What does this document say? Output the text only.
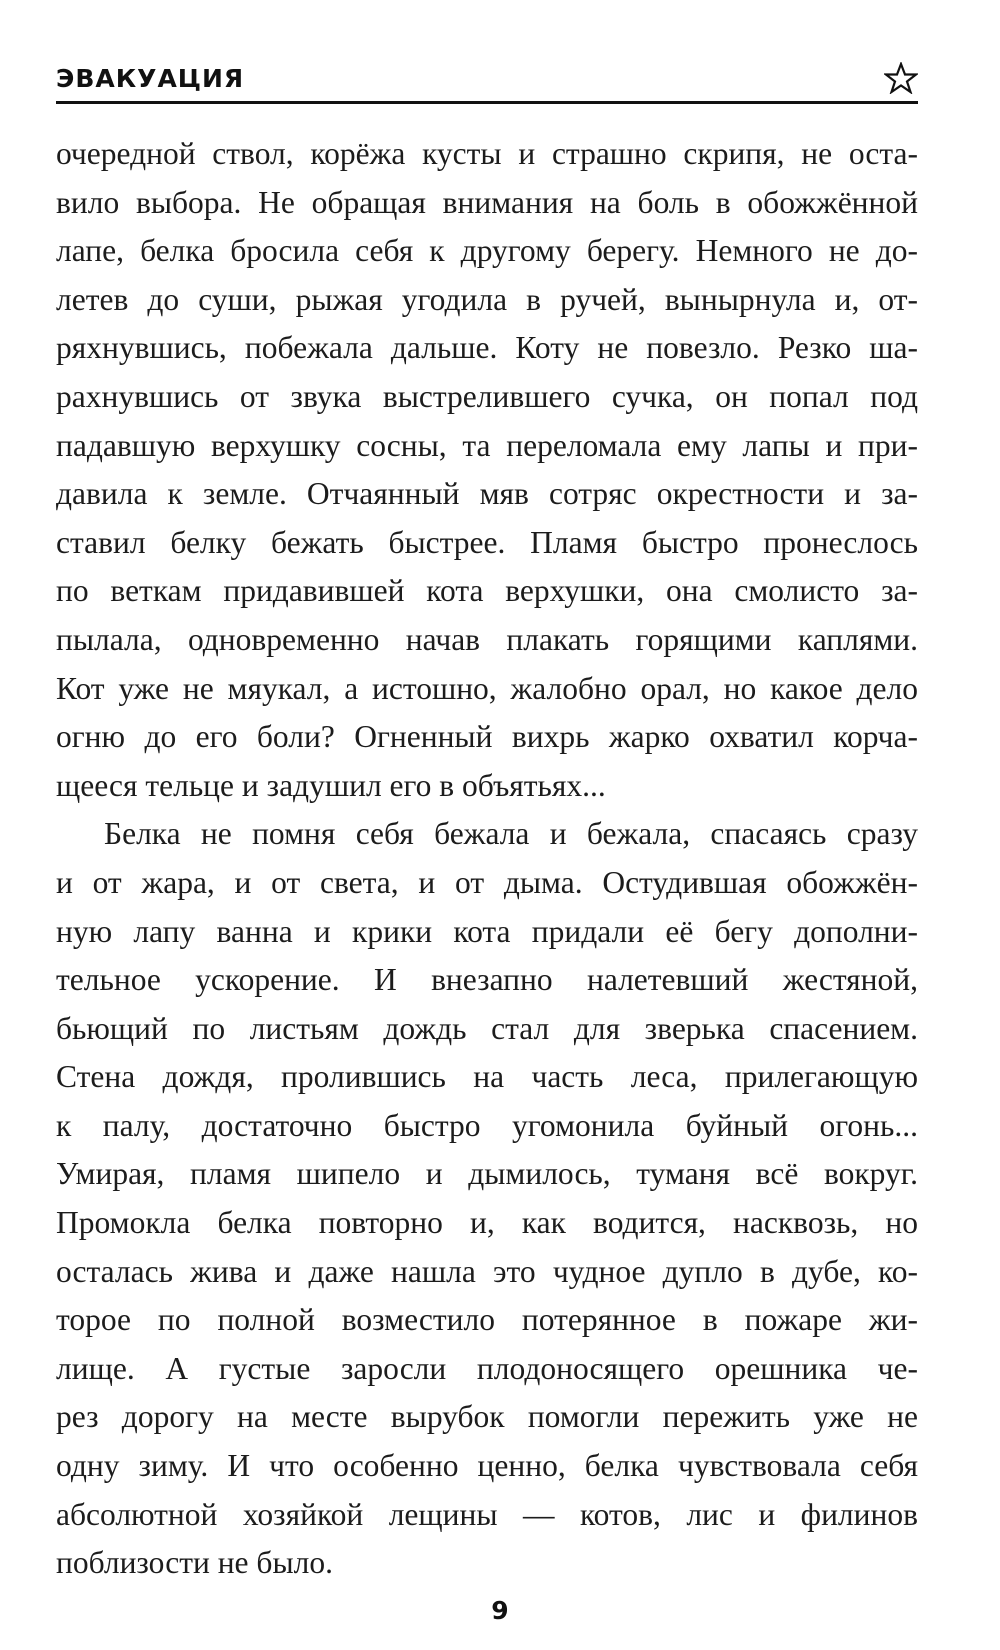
ЭВАКУАЦИЯ
очередной ствол, корёжа кусты и страшно скрипя, не оста-
вило выбора. Не обращая внимания на боль в обожжённой
лапе, белка бросила себя к другому берегу. Немного не до-
летев до суши, рыжая угодила в ручей, вынырнула и, от-
ряхнувшись, побежала дальше. Коту не повезло. Резко ша-
рахнувшись от звука выстрелившего сучка, он попал под
падавшую верхушку сосны, та переломала ему лапы и при-
давила к земле. Отчаянный мяв сотряс окрестности и за-
ставил белку бежать быстрее. Пламя быстро пронеслось
по веткам придавившей кота верхушки, она смолисто за-
пылала, одновременно начав плакать горящими каплями.
Кот уже не мяукал, а истошно, жалобно орал, но какое дело
огню до его боли? Огненный вихрь жарко охватил корча-
щееся тельце и задушил его в объятьях...
Белка не помня себя бежала и бежала, спасаясь сразу
и от жара, и от света, и от дыма. Остудившая обожжён-
ную лапу ванна и крики кота придали её бегу дополни-
тельное ускорение. И внезапно налетевший жестяной,
бьющий по листьям дождь стал для зверька спасением.
Стена дождя, пролившись на часть леса, прилегающую
к палу, достаточно быстро угомонила буйный огонь...
Умирая, пламя шипело и дымилось, туманя всё вокруг.
Промокла белка повторно и, как водится, насквозь, но
осталась жива и даже нашла это чудное дупло в дубе, ко-
торое по полной возместило потерянное в пожаре жи-
лище. А густые заросли плодоносящего орешника че-
рез дорогу на месте вырубок помогли пережить уже не
одну зиму. И что особенно ценно, белка чувствовала себя
абсолютной хозяйкой лещины — котов, лис и филинов
поблизости не было.
9
